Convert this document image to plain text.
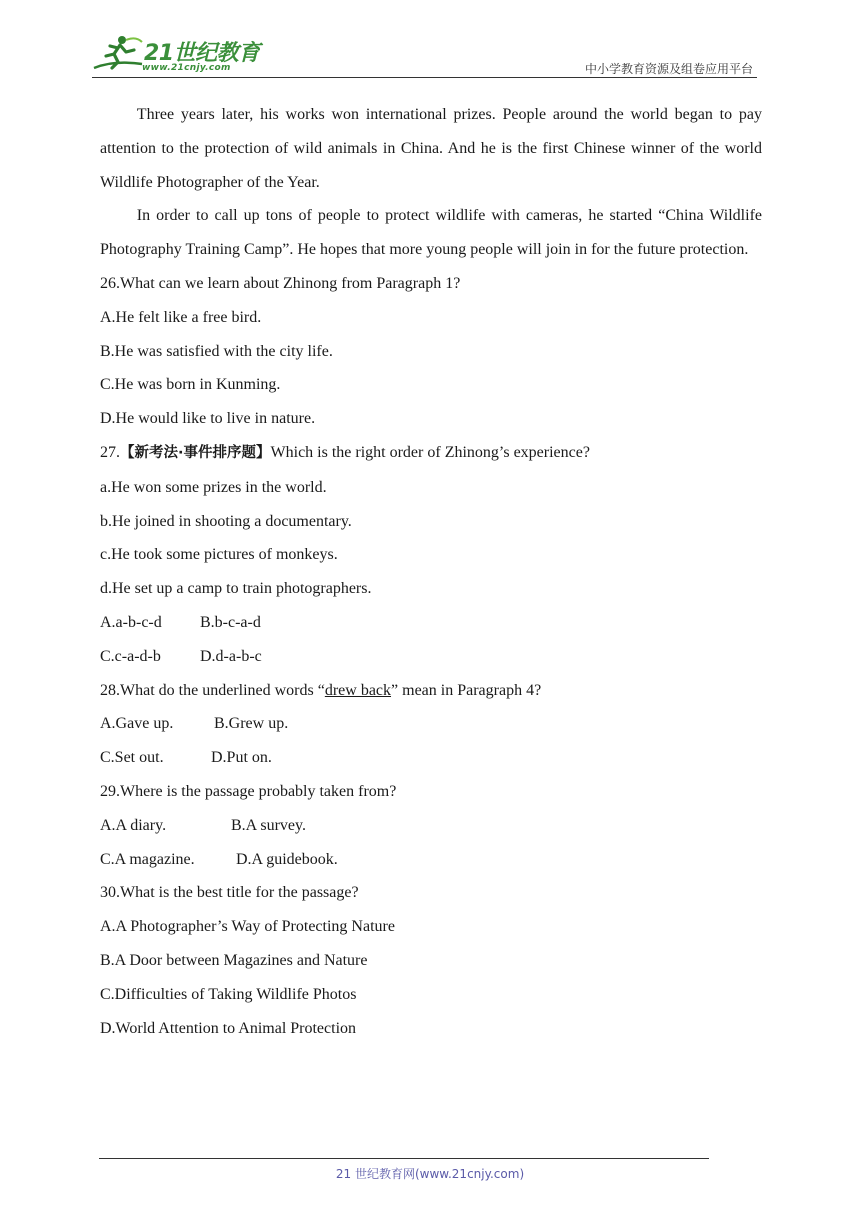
21世纪教育
www.21cnjy.com	中小学教育资源及组卷应用平台

Three years later, his works won international prizes. People around the world began to pay attention to the protection of wild animals in China. And he is the first Chinese winner of the world Wildlife Photographer of the Year.

In order to call up tons of people to protect wildlife with cameras, he started “China Wildlife Photography Training Camp”. He hopes that more young people will join in for the future protection.

26.What can we learn about Zhinong from Paragraph 1?

A.He felt like a free bird.

B.He was satisfied with the city life.

C.He was born in Kunming.

D.He would like to live in nature.

27.【新考法·事件排序题】Which is the right order of Zhinong’s experience?

a.He won some prizes in the world.

b.He joined in shooting a documentary.

c.He took some pictures of monkeys.

d.He set up a camp to train photographers.

A.a-b-c-d B.b-c-a-d

C.c-a-d-b D.d-a-b-c

28.What do the underlined words “drew back” mean in Paragraph 4?

A.Gave up.	B.Grew up.

C.Set out.	D.Put on.

29.Where is the passage probably taken from?

A.A diary.	B.A survey.

C.A magazine.	D.A guidebook.

30.What is the best title for the passage?

A.A Photographer’s Way of Protecting Nature

B.A Door between Magazines and Nature

C.Difficulties of Taking Wildlife Photos

D.World Attention to Animal Protection

21 世纪教育网(www.21cnjy.com)
